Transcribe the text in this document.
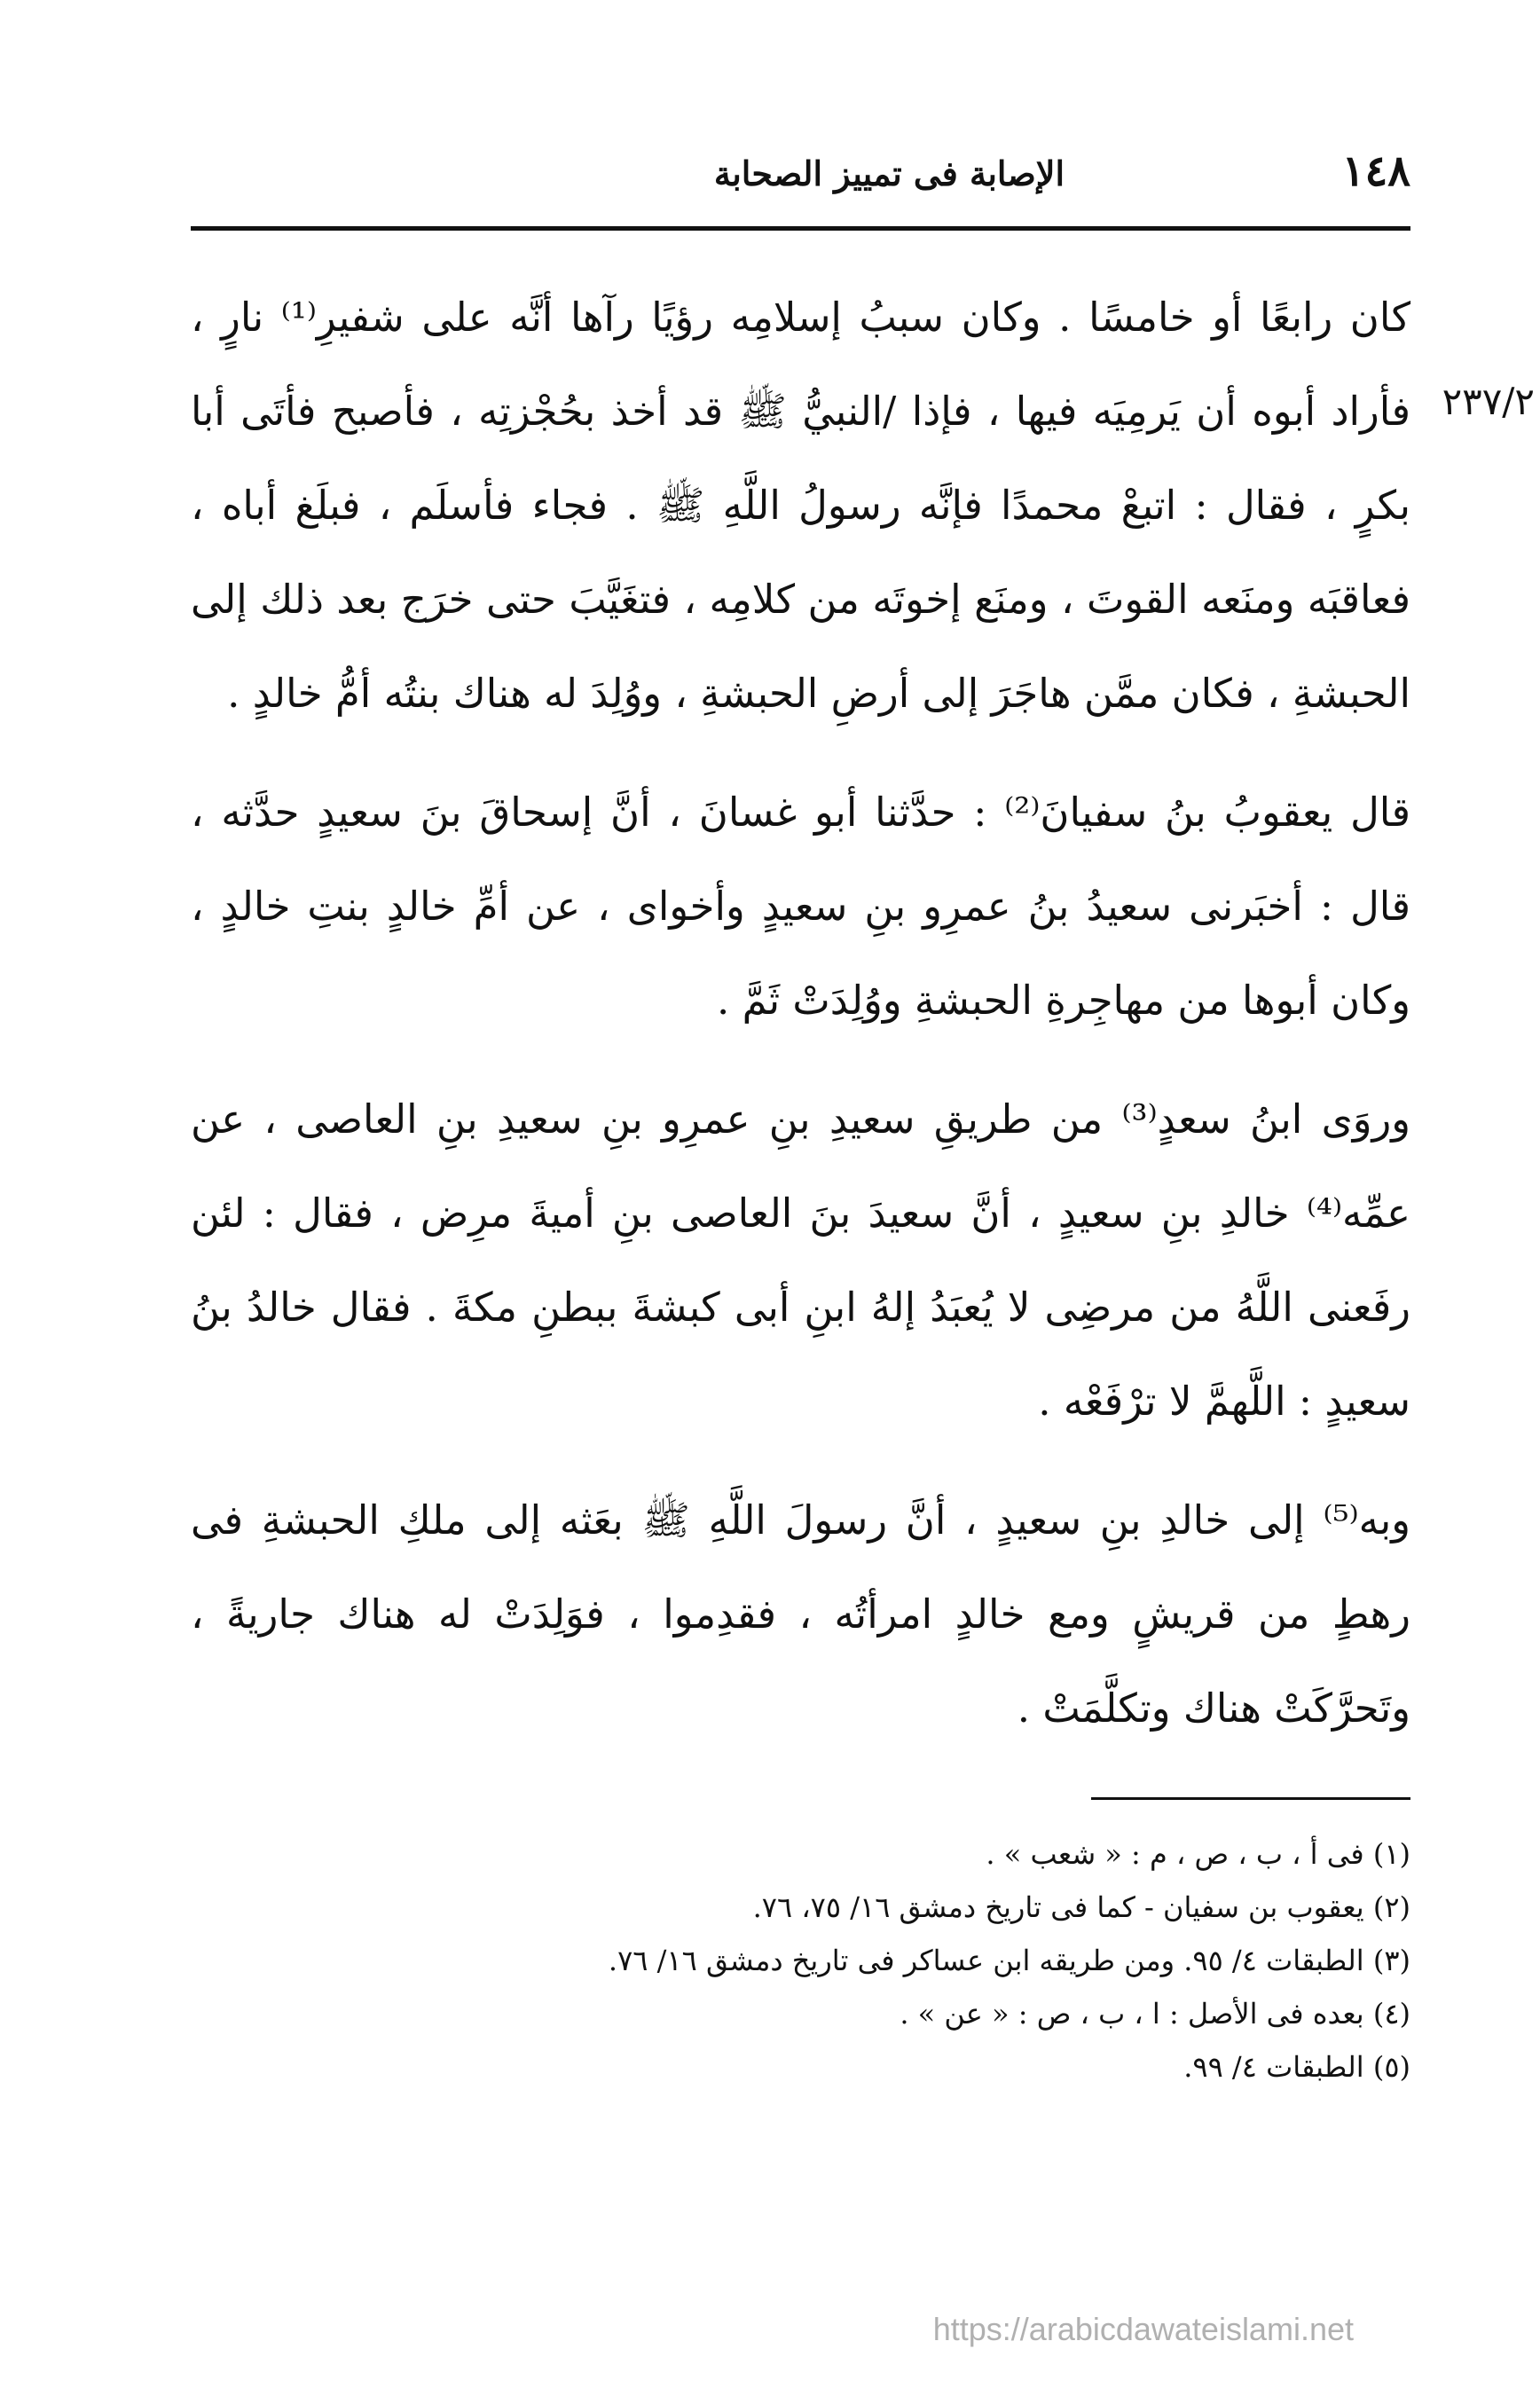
١٤٨
الإصابة فى تمييز الصحابة
٢٣٧/٢

كان رابعًا أو خامسًا . وكان سببُ إسلامِه رؤيًا رآها أنَّه على شفيرِ⁽¹⁾ نارٍ ، فأراد أبوه أن يَرمِيَه فيها ، فإذا /النبيُّ ﷺ قد أخذ بحُجْزتِه ، فأصبح فأتَى أبا بكرٍ ، فقال : اتبعْ محمدًا فإنَّه رسولُ اللَّهِ ﷺ . فجاء فأسلَم ، فبلَغ أباه ، فعاقبَه ومنَعه القوتَ ، ومنَع إخوتَه من كلامِه ، فتغَيَّبَ حتى خرَج بعد ذلك إلى الحبشةِ ، فكان ممَّن هاجَرَ إلى أرضِ الحبشةِ ، ووُلِدَ له هناك بنتُه أمُّ خالدٍ .

قال يعقوبُ بنُ سفيانَ⁽²⁾ : حدَّثنا أبو غسانَ ، أنَّ إسحاقَ بنَ سعيدٍ حدَّثه ، قال : أخبَرنى سعيدُ بنُ عمرِو بنِ سعيدٍ وأخواى ، عن أمِّ خالدٍ بنتِ خالدٍ ، وكان أبوها من مهاجِرةِ الحبشةِ ووُلِدَتْ ثَمَّ .

وروَى ابنُ سعدٍ⁽³⁾ من طريقِ سعيدِ بنِ عمرِو بنِ سعيدِ بنِ العاصى ، عن عمِّه⁽⁴⁾ خالدِ بنِ سعيدٍ ، أنَّ سعيدَ بنَ العاصى بنِ أميةَ مرِض ، فقال : لئن رفَعنى اللَّهُ من مرضِى لا يُعبَدُ إلهُ ابنِ أبى كبشةَ ببطنِ مكةَ . فقال خالدُ بنُ سعيدٍ : اللَّهمَّ لا ترْفَعْه .

وبه⁽⁵⁾ إلى خالدِ بنِ سعيدٍ ، أنَّ رسولَ اللَّهِ ﷺ بعَثه إلى ملكِ الحبشةِ فى رهطٍ من قريشٍ ومع خالدٍ امرأتُه ، فقدِموا ، فوَلِدَتْ له هناك جاريةً ، وتَحرَّكَتْ هناك وتكلَّمَتْ .

(١) فى أ ، ب ، ص ، م : « شعب » .

(٢) يعقوب بن سفيان - كما فى تاريخ دمشق ١٦/ ٧٥، ٧٦.

(٣) الطبقات ٤/ ٩٥. ومن طريقه ابن عساكر فى تاريخ دمشق ١٦/ ٧٦.

(٤) بعده فى الأصل : ا ، ب ، ص : « عن » .

(٥) الطبقات ٤/ ٩٩.

https://arabicdawateislami.net
